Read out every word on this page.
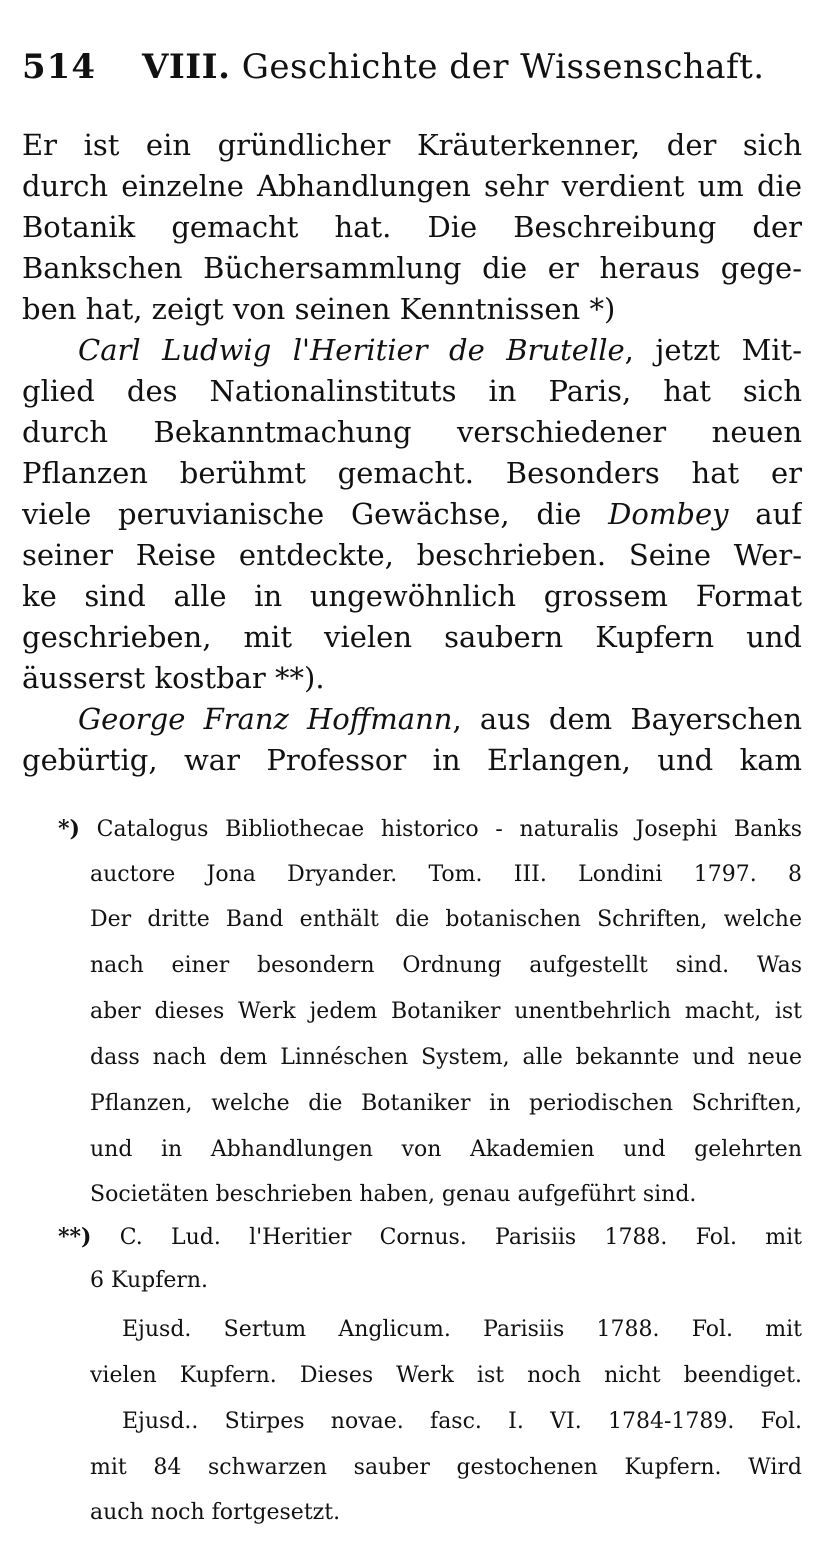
514 VIII. Geschichte der Wissenschaft.
Er ist ein gründlicher Kräuterkenner, der sich
durch einzelne Abhandlungen sehr verdient um die
Botanik gemacht hat. Die Beschreibung der
Bankschen Büchersammlung die er heraus gege-
ben hat, zeigt von seinen Kenntnissen *)
Carl Ludwig l'Heritier de Brutelle, jetzt Mit-
glied des Nationalinstituts in Paris, hat sich
durch Bekanntmachung verschiedener neuen
Pflanzen berühmt gemacht. Besonders hat er
viele peruvianische Gewächse, die Dombey auf
seiner Reise entdeckte, beschrieben. Seine Wer-
ke sind alle in ungewöhnlich grossem Format
geschrieben, mit vielen saubern Kupfern und
äusserst kostbar **).
George Franz Hoffmann, aus dem Bayerschen
gebürtig, war Professor in Erlangen, und kam
*) Catalogus Bibliothecae historico - naturalis Josephi Banks
auctore Jona Dryander. Tom. III. Londini 1797. 8
Der dritte Band enthält die botanischen Schriften, welche
nach einer besondern Ordnung aufgestellt sind. Was
aber dieses Werk jedem Botaniker unentbehrlich macht, ist
dass nach dem Linnéschen System, alle bekannte und neue
Pflanzen, welche die Botaniker in periodischen Schriften,
und in Abhandlungen von Akademien und gelehrten
Societäten beschrieben haben, genau aufgeführt sind.
**) C. Lud. l'Heritier Cornus. Parisiis 1788. Fol. mit
6 Kupfern.
Ejusd. Sertum Anglicum. Parisiis 1788. Fol. mit
vielen Kupfern. Dieses Werk ist noch nicht beendiget.
Ejusd.. Stirpes novae. fasc. I. VI. 1784-1789. Fol.
mit 84 schwarzen sauber gestochenen Kupfern. Wird
auch noch fortgesetzt.
